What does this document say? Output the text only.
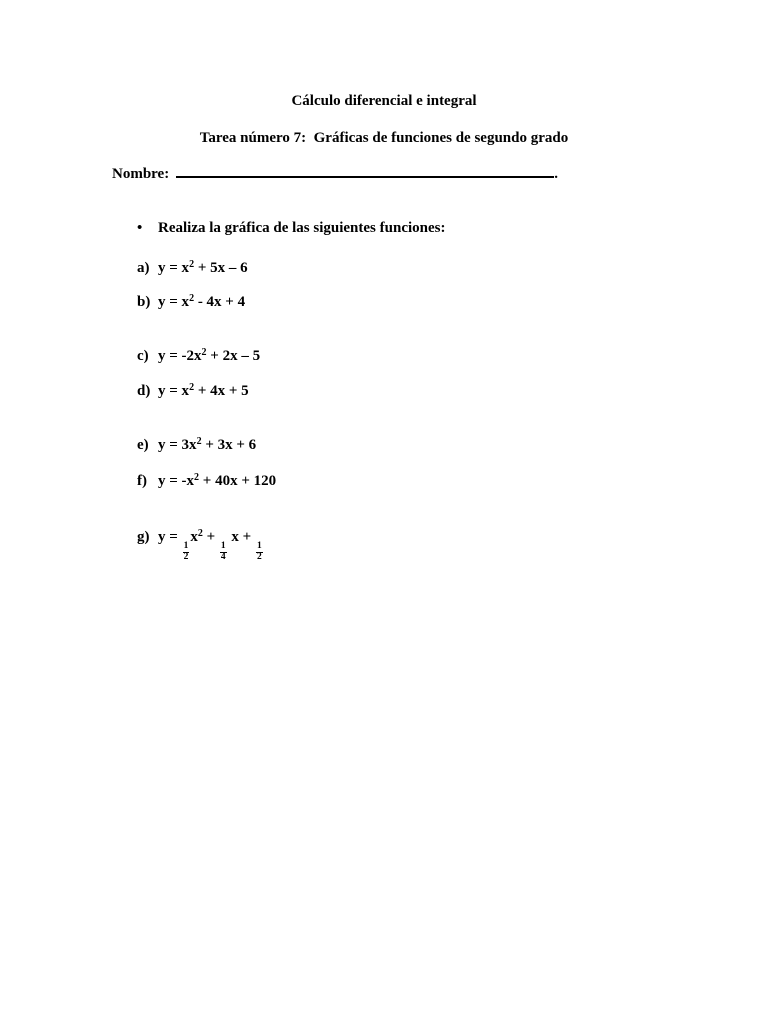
Cálculo diferencial e integral
Tarea número 7:  Gráficas de funciones de segundo grado
Nombre:	.
• Realiza la gráfica de las siguientes funciones:
a) $y = x^2 + 5x - 6$
b) $y = x^2 - 4x + 4$
c) $y = -2x^2 + 2x - 5$
d) $y = x^2 + 4x + 5$
e) $y = 3x^2 + 3x + 6$
f) $y = -x^2 + 40x + 120$
g) y =
$\frac{1}{2}$
$x^2$ +
$\frac{1}{4}$
x +
$\frac{1}{2}$
